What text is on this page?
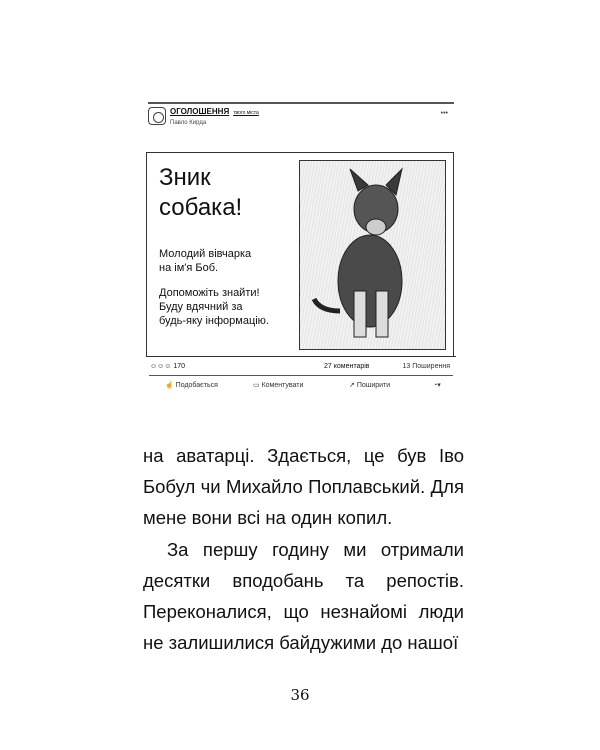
ОГОЛОШЕННЯ твого міста
Павло Кирда
•••
Зник
собака!

Молодий вівчарка
на ім'я Боб.

Допоможіть знайти!
Буду вдячний за
будь-яку інформацію.

☺☺☺ 170	27 коментарів	13 Поширення
☝ Подобається	▭ Коментувати	↗ Поширити	◔▾

на аватарці. Здається, це був Іво Бобул чи Михайло Поплавський. Для мене вони всі на один копил.

За першу годину ми отримали десятки вподобань та репостів. Переконалися, що незнайомі люди не залишилися байдужими до нашої

36
